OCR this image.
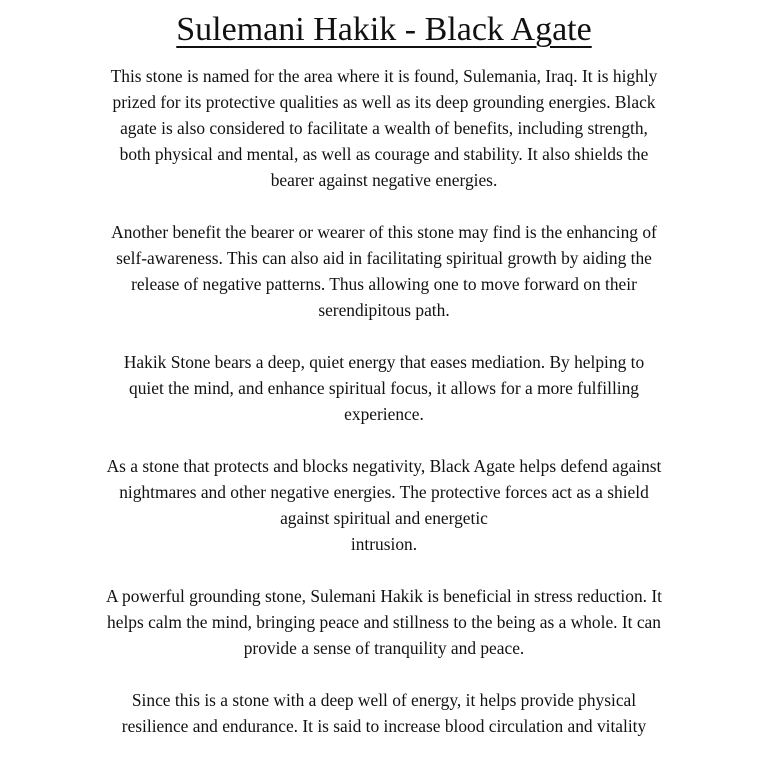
Sulemani Hakik - Black Agate

This stone is named for the area where it is found, Sulemania, Iraq. It is highly
prized for its protective qualities as well as its deep grounding energies. Black
agate is also considered to facilitate a wealth of benefits, including strength,
both physical and mental, as well as courage and stability. It also shields the
bearer against negative energies.

Another benefit the bearer or wearer of this stone may find is the enhancing of
self-awareness. This can also aid in facilitating spiritual growth by aiding the
release of negative patterns. Thus allowing one to move forward on their
serendipitous path.

Hakik Stone bears a deep, quiet energy that eases mediation. By helping to
quiet the mind, and enhance spiritual focus, it allows for a more fulfilling
experience.

As a stone that protects and blocks negativity, Black Agate helps defend against
nightmares and other negative energies. The protective forces act as a shield
against spiritual and energetic
intrusion.

A powerful grounding stone, Sulemani Hakik is beneficial in stress reduction. It
helps calm the mind, bringing peace and stillness to the being as a whole. It can
provide a sense of tranquility and peace.

Since this is a stone with a deep well of energy, it helps provide physical
resilience and endurance. It is said to increase blood circulation and vitality
